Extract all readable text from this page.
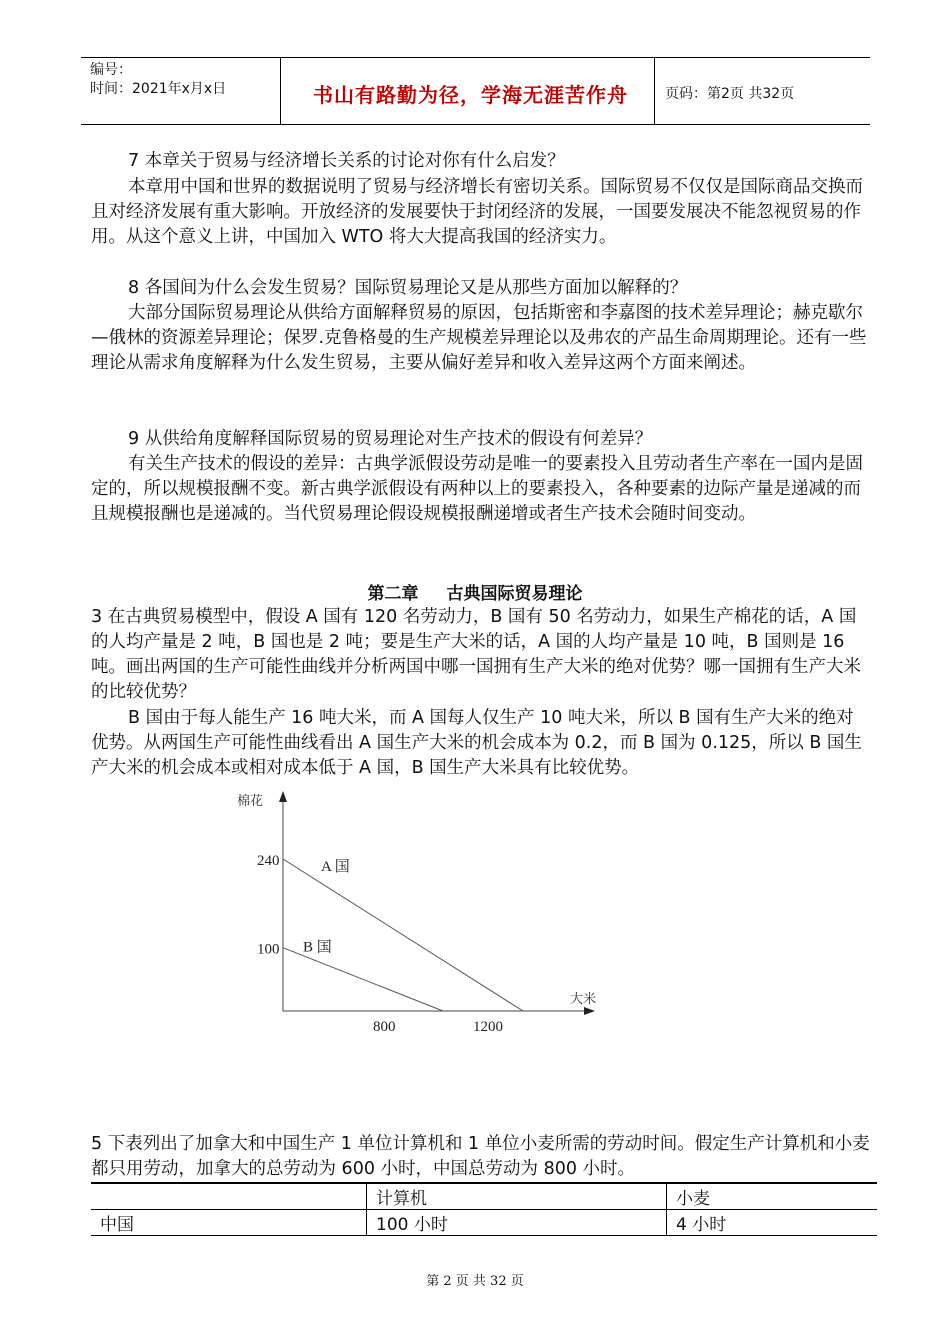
编号：
时间：2021年x月x日	书山有路勤为径，学海无涯苦作舟	页码：第2页 共32页

7 本章关于贸易与经济增长关系的讨论对你有什么启发？

本章用中国和世界的数据说明了贸易与经济增长有密切关系。国际贸易不仅仅是国际商品交换而且对经济发展有重大影响。开放经济的发展要快于封闭经济的发展，一国要发展决不能忽视贸易的作用。从这个意义上讲，中国加入 WTO 将大大提高我国的经济实力。

8 各国间为什么会发生贸易？国际贸易理论又是从那些方面加以解释的？

大部分国际贸易理论从供给方面解释贸易的原因，包括斯密和李嘉图的技术差异理论；赫克歇尔—俄林的资源差异理论；保罗.克鲁格曼的生产规模差异理论以及弗农的产品生命周期理论。还有一些理论从需求角度解释为什么发生贸易，主要从偏好差异和收入差异这两个方面来阐述。

9 从供给角度解释国际贸易的贸易理论对生产技术的假设有何差异？

有关生产技术的假设的差异：古典学派假设劳动是唯一的要素投入且劳动者生产率在一国内是固定的，所以规模报酬不变。新古典学派假设有两种以上的要素投入，各种要素的边际产量是递减的而且规模报酬也是递减的。当代贸易理论假设规模报酬递增或者生产技术会随时间变动。

第二章 古典国际贸易理论

3 在古典贸易模型中，假设 A 国有 120 名劳动力，B 国有 50 名劳动力，如果生产棉花的话，A 国的人均产量是 2 吨，B 国也是 2 吨；要是生产大米的话，A 国的人均产量是 10 吨，B 国则是 16 吨。画出两国的生产可能性曲线并分析两国中哪一国拥有生产大米的绝对优势？哪一国拥有生产大米的比较优势？

B 国由于每人能生产 16 吨大米，而 A 国每人仅生产 10 吨大米，所以 B 国有生产大米的绝对优势。从两国生产可能性曲线看出 A 国生产大米的机会成本为 0.2，而 B 国为 0.125，所以 B 国生产大米的机会成本或相对成本低于 A 国，B 国生产大米具有比较优势。

棉花
大米
240
100
800	1200
A 国
B 国

5 下表列出了加拿大和中国生产 1 单位计算机和 1 单位小麦所需的劳动时间。假定生产计算机和小麦都只用劳动，加拿大的总劳动为 600 小时，中国总劳动为 800 小时。

	计算机	小麦
中国	100 小时	4 小时
第 2 页 共 32 页
